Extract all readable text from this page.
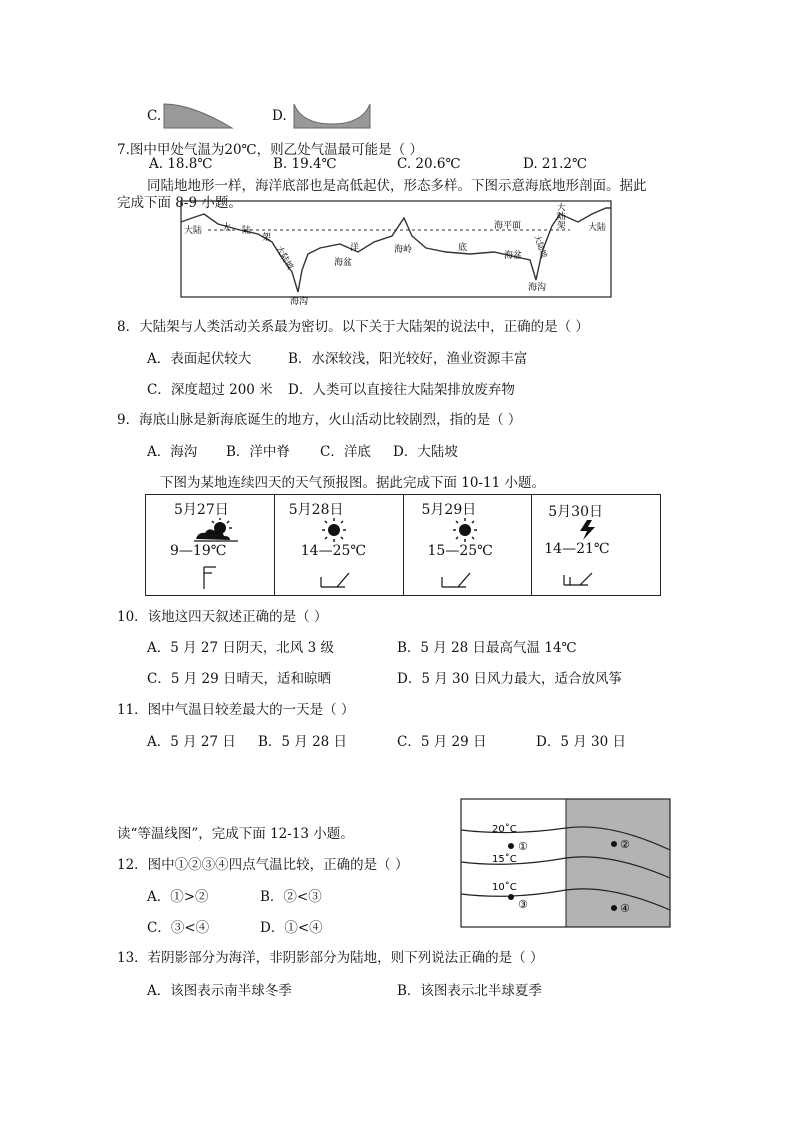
C.	D.
7.图中甲处气温为20℃，则乙处气温最可能是（ ）
A. 18.8℃	B. 19.4℃	C. 20.6℃	D. 21.2℃
同陆地地形一样，海洋底部也是高低起伏，形态多样。下图示意海底地形剖面。据此
完成下面 8-9 小题。
大陆 大 陆
架
大陆坡	洋
海盆
海岭	底
海盆
海平面
大
陆
架 大陆
大陆坡
海沟
海沟
8．大陆架与人类活动关系最为密切。以下关于大陆架的说法中，正确的是（ ）
A．表面起伏较大	B．水深较浅，阳光较好，渔业资源丰富
C．深度超过 200 米 D．人类可以直接往大陆架排放废弃物
9．海底山脉是新海底诞生的地方，火山活动比较剧烈，指的是（ ）
A．海沟 B．洋中脊 C．洋底 D．大陆坡
下图为某地连续四天的天气预报图。据此完成下面 10-11 小题。
5月27日
9—19℃
5月28日
14—25℃
5月29日
15—25℃
5月30日
14—21℃
10．该地这四天叙述正确的是（ ）
A．5 月 27 日阴天，北风 3 级	B．5 月 28 日最高气温 14℃
C．5 月 29 日晴天，适和晾晒	D．5 月 30 日风力最大，适合放风筝
11．图中气温日较差最大的一天是（ ）
A．5 月 27 日 B．5 月 28 日	C．5 月 29 日	D．5 月 30 日
20˚C
15˚C
10˚C
①	②
③	④
读“等温线图”，完成下面 12-13 小题。
12．图中①②③④四点气温比较，正确的是（ ）
A．①>②	B．②<③
C．③<④	D．①<④
13．若阴影部分为海洋，非阴影部分为陆地，则下列说法正确的是（ ）
A．该图表示南半球冬季	B．该图表示北半球夏季
